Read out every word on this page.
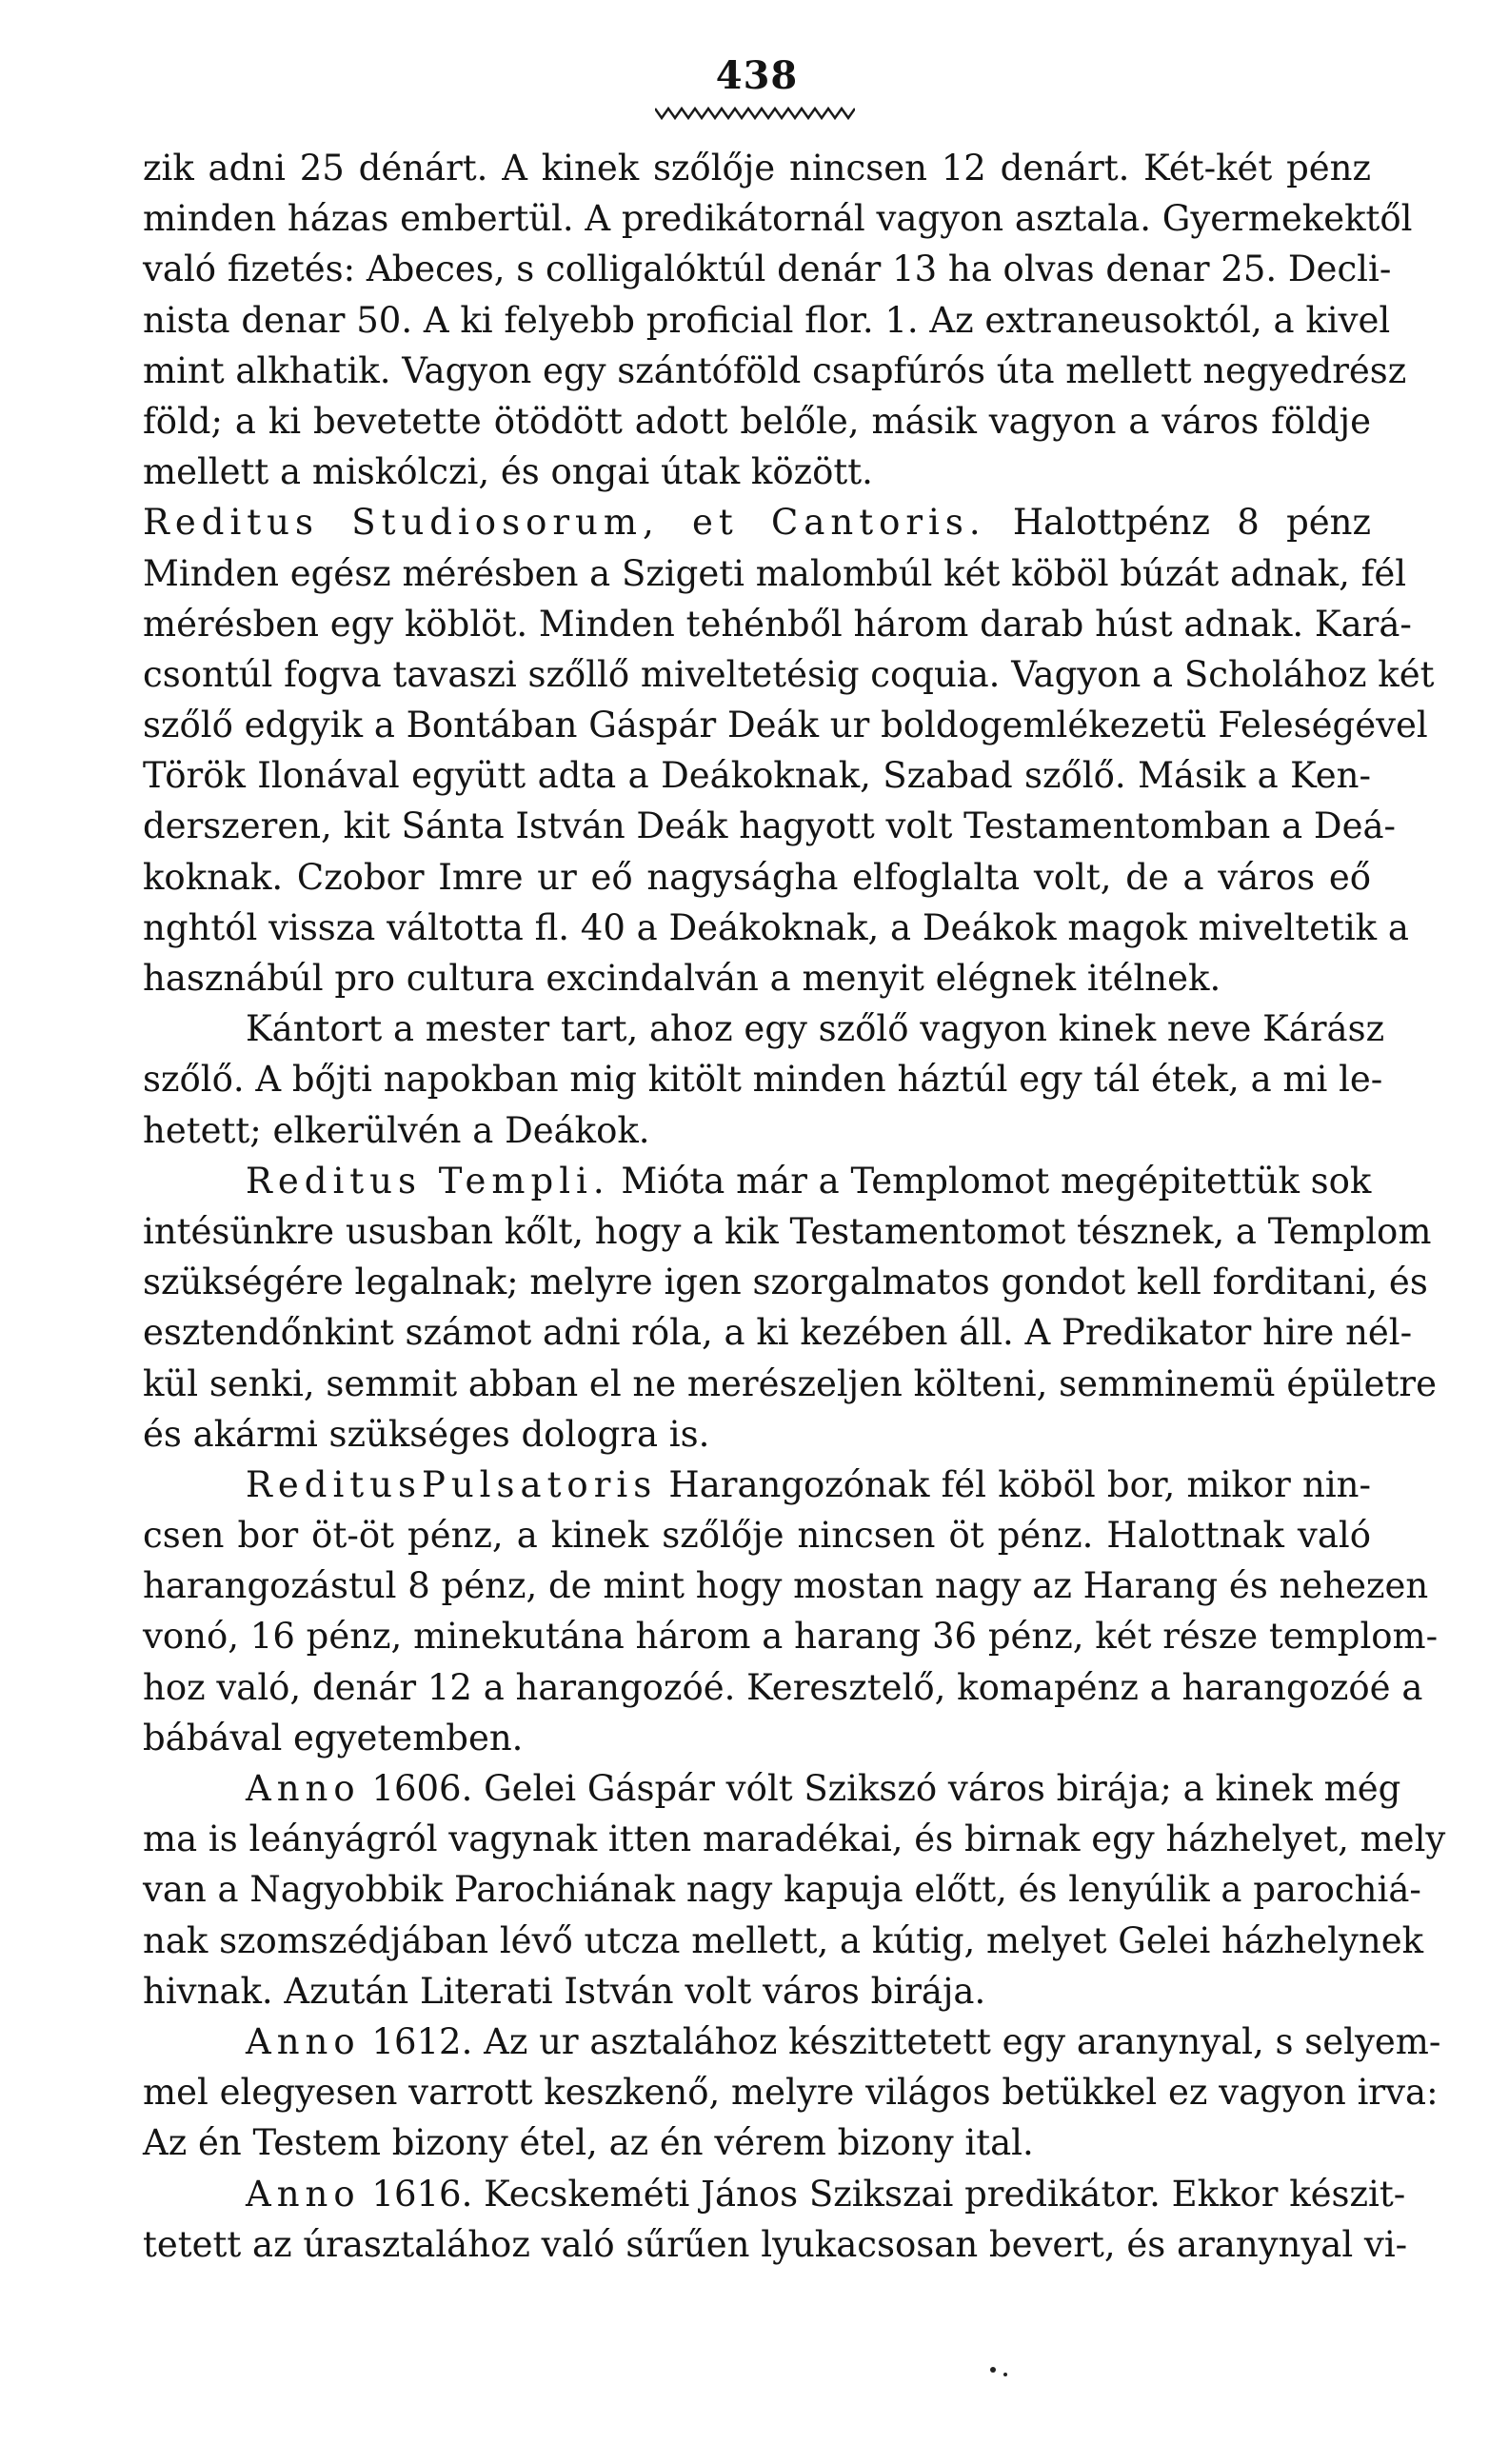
438
zik adni 25 dénárt. A kinek szőlője nincsen 12 denárt. Két-két pénz
minden házas embertül. A predikátornál vagyon asztala. Gyermekektől
való fizetés: Abeces, s colligalóktúl denár 13 ha olvas denar 25. Decli-
nista denar 50. A ki felyebb proficial flor. 1. Az extraneusoktól, a kivel
mint alkhatik. Vagyon egy szántóföld csapfúrós úta mellett negyedrész
föld; a ki bevetette ötödött adott belőle, másik vagyon a város földje
mellett a miskólczi, és ongai útak között.
Reditus Studiosorum, et Cantoris. Halottpénz 8 pénz
Minden egész mérésben a Szigeti malombúl két köböl búzát adnak, fél
mérésben egy köblöt. Minden tehénből három darab húst adnak. Kará-
csontúl fogva tavaszi szőllő miveltetésig coquia. Vagyon a Scholához két
szőlő edgyik a Bontában Gáspár Deák ur boldogemlékezetü Feleségével
Török Ilonával együtt adta a Deákoknak, Szabad szőlő. Másik a Ken-
derszeren, kit Sánta István Deák hagyott volt Testamentomban a Deá-
koknak. Czobor Imre ur eő nagyságha elfoglalta volt, de a város eő
nghtól vissza váltotta fl. 40 a Deákoknak, a Deákok magok miveltetik a
hasznábúl pro cultura excindalván a menyit elégnek itélnek.
Kántort a mester tart, ahoz egy szőlő vagyon kinek neve Kárász
szőlő. A bőjti napokban mig kitölt minden háztúl egy tál étek, a mi le-
hetett; elkerülvén a Deákok.
Reditus Templi. Mióta már a Templomot megépitettük sok
intésünkre ususban kőlt, hogy a kik Testamentomot tésznek, a Templom
szükségére legalnak; melyre igen szorgalmatos gondot kell forditani, és
esztendőnkint számot adni róla, a ki kezében áll. A Predikator hire nél-
kül senki, semmit abban el ne merészeljen költeni, semminemü épületre
és akármi szükséges dologra is.
ReditusPulsatoris Harangozónak fél köböl bor, mikor nin-
csen bor öt-öt pénz, a kinek szőlője nincsen öt pénz. Halottnak való
harangozástul 8 pénz, de mint hogy mostan nagy az Harang és nehezen
vonó, 16 pénz, minekutána három a harang 36 pénz, két része templom-
hoz való, denár 12 a harangozóé. Keresztelő, komapénz a harangozóé a
bábával egyetemben.
Anno 1606. Gelei Gáspár vólt Szikszó város birája; a kinek még
ma is leányágról vagynak itten maradékai, és birnak egy házhelyet, mely
van a Nagyobbik Parochiának nagy kapuja előtt, és lenyúlik a parochiá-
nak szomszédjában lévő utcza mellett, a kútig, melyet Gelei házhelynek
hivnak. Azután Literati István volt város birája.
Anno 1612. Az ur asztalához készittetett egy aranynyal, s selyem-
mel elegyesen varrott keszkenő, melyre világos betükkel ez vagyon irva:
Az én Testem bizony étel, az én vérem bizony ital.
Anno 1616. Kecskeméti János Szikszai predikátor. Ekkor készit-
tetett az úrasztalához való sűrűen lyukacsosan bevert, és aranynyal vi-
